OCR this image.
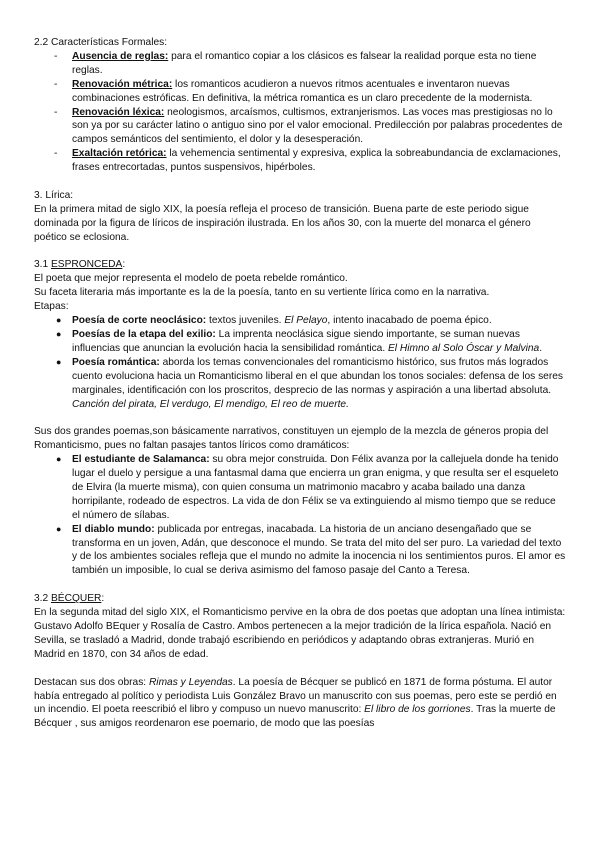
2.2 Características Formales:

- Ausencia de reglas: para el romantico copiar a los clásicos es falsear la realidad porque esta no tiene reglas.
- Renovación métrica: los romanticos acudieron a nuevos ritmos acentuales e inventaron nuevas combinaciones estróficas. En definitiva, la métrica romantica es un claro precedente de la modernista.
- Renovación léxica: neologismos, arcaísmos, cultismos, extranjerismos. Las voces mas prestigiosas no lo son ya por su carácter latino o antiguo sino por el valor emocional. Predilección por palabras procedentes de campos semánticos del sentimiento, el dolor y la desesperación.
- Exaltación retórica: la vehemencia sentimental y expresiva, explica la sobreabundancia de exclamaciones, frases entrecortadas, puntos suspensivos, hipérboles.

3. Lírica:

En la primera mitad de siglo XIX, la poesía refleja el proceso de transición. Buena parte de este periodo sigue dominada por la figura de líricos de inspiración ilustrada. En los años 30, con la muerte del monarca el género poético se eclosiona.

3.1 ESPRONCEDA:

El poeta que mejor representa el modelo de poeta rebelde romántico.

Su faceta literaria más importante es la de la poesía, tanto en su vertiente lírica como en la narrativa.

Etapas:

● Poesía de corte neoclásico: textos juveniles. El Pelayo, intento inacabado de poema épico.
● Poesías de la etapa del exilio: La imprenta neoclásica sigue siendo importante, se suman nuevas influencias que anuncian la evolución hacia la sensibilidad romántica. El Himno al Solo Óscar y Malvina.
● Poesía romántica: aborda los temas convencionales del romanticismo histórico, sus frutos más logrados cuento evoluciona hacia un Romanticismo liberal en el que abundan los tonos sociales: defensa de los seres marginales, identificación con los proscritos, desprecio de las normas y aspiración a una libertad absoluta. Canción del pirata, El verdugo, El mendigo, El reo de muerte.

Sus dos grandes poemas,son básicamente narrativos, constituyen un ejemplo de la mezcla de géneros propia del Romanticismo, pues no faltan pasajes tantos líricos como dramáticos:

● El estudiante de Salamanca: su obra mejor construida. Don Félix avanza por la callejuela donde ha tenido lugar el duelo y persigue a una fantasmal dama que encierra un gran enigma, y que resulta ser el esqueleto de Elvira (la muerte misma), con quien consuma un matrimonio macabro y acaba bailado una danza horripilante, rodeado de espectros. La vida de don Félix se va extinguiendo al mismo tiempo que se reduce el número de sílabas.
● El diablo mundo: publicada por entregas, inacabada. La historia de un anciano desengañado que se transforma en un joven, Adán, que desconoce el mundo. Se trata del mito del ser puro. La variedad del texto y de los ambientes sociales refleja que el mundo no admite la inocencia ni los sentimientos puros. El amor es también un imposible, lo cual se deriva asimismo del famoso pasaje del Canto a Teresa.

3.2 BÉCQUER:

En la segunda mitad del siglo XIX, el Romanticismo pervive en la obra de dos poetas que adoptan una línea intimista: Gustavo Adolfo BEquer y Rosalía de Castro. Ambos pertenecen a la mejor tradición de la lírica española. Nació en Sevilla, se trasladó a Madrid, donde trabajó escribiendo en periódicos y adaptando obras extranjeras. Murió en Madrid en 1870, con 34 años de edad.

Destacan sus dos obras: Rimas y Leyendas. La poesía de Bécquer se publicó en 1871 de forma póstuma. El autor había entregado al político y periodista Luis González Bravo un manuscrito con sus poemas, pero este se perdió en un incendio. El poeta reescribió el libro y compuso un nuevo manuscrito: El libro de los gorriones. Tras la muerte de Bécquer , sus amigos reordenaron ese poemario, de modo que las poesías
